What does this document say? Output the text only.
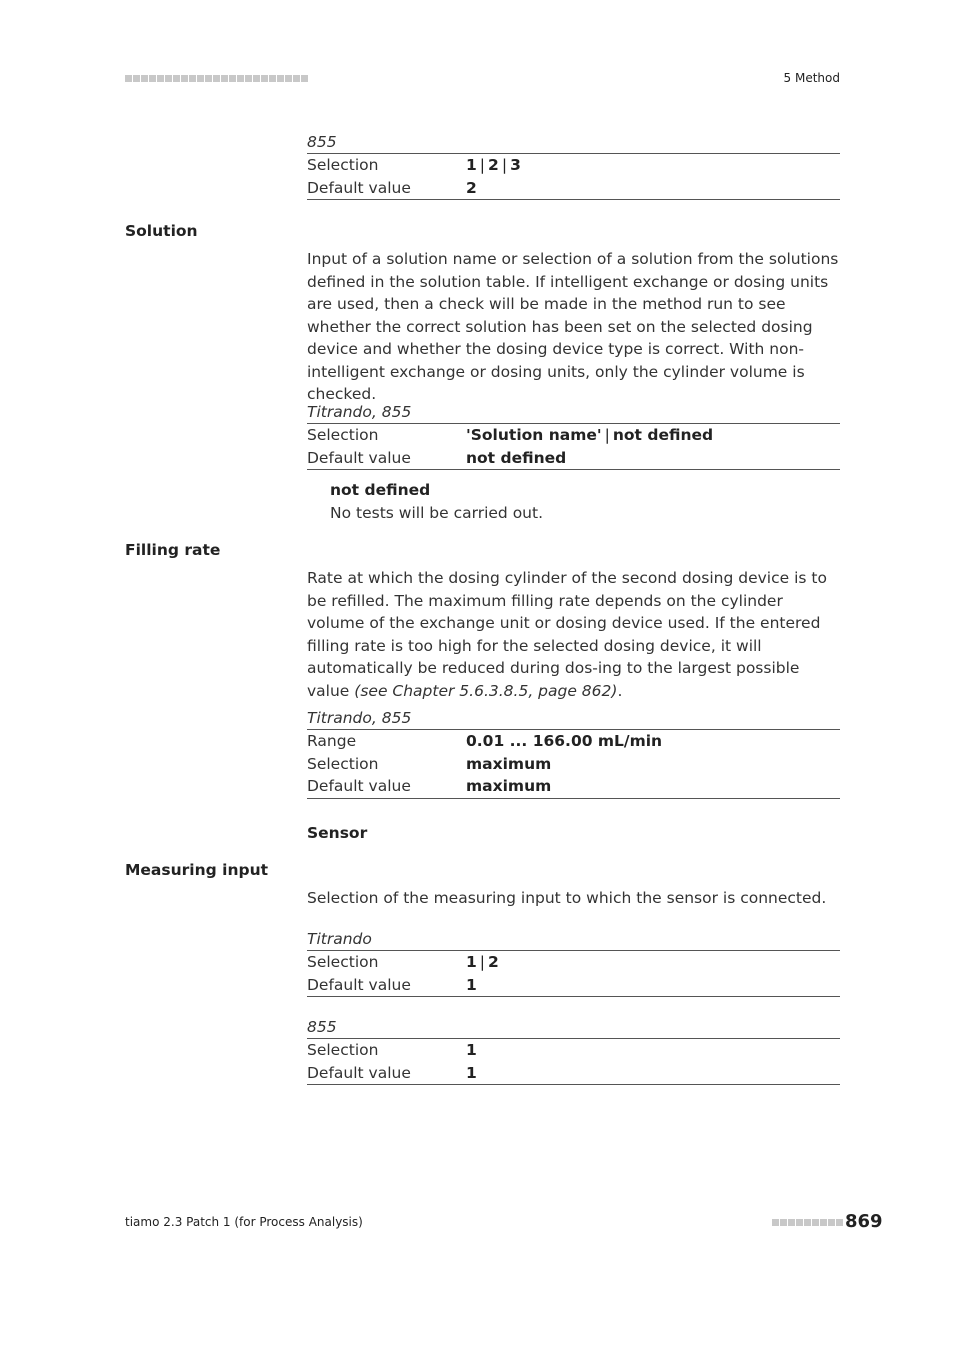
5 Method
855
Selection	1 | 2 | 3
Default value	2
Solution

Input of a solution name or selection of a solution from the solutions defined in the solution table. If intelligent exchange or dosing units are used, then a check will be made in the method run to see whether the correct solution has been set on the selected dosing device and whether the dosing device type is correct. With non-intelligent exchange or dosing units, only the cylinder volume is checked.

Titrando, 855
Selection	'Solution name' | not defined
Default value	not defined
not defined
No tests will be carried out.
Filling rate

Rate at which the dosing cylinder of the second dosing device is to be refilled. The maximum filling rate depends on the cylinder volume of the exchange unit or dosing device used. If the entered filling rate is too high for the selected dosing device, it will automatically be reduced during dos-ing to the largest possible value (see Chapter 5.6.3.8.5, page 862).

Titrando, 855
Range	0.01 ... 166.00 mL/min
Selection	maximum
Default value	maximum
Sensor
Measuring input

Selection of the measuring input to which the sensor is connected.

Titrando
Selection	1 | 2
Default value	1
855
Selection	1
Default value	1
tiamo 2.3 Patch 1 (for Process Analysis)	869
